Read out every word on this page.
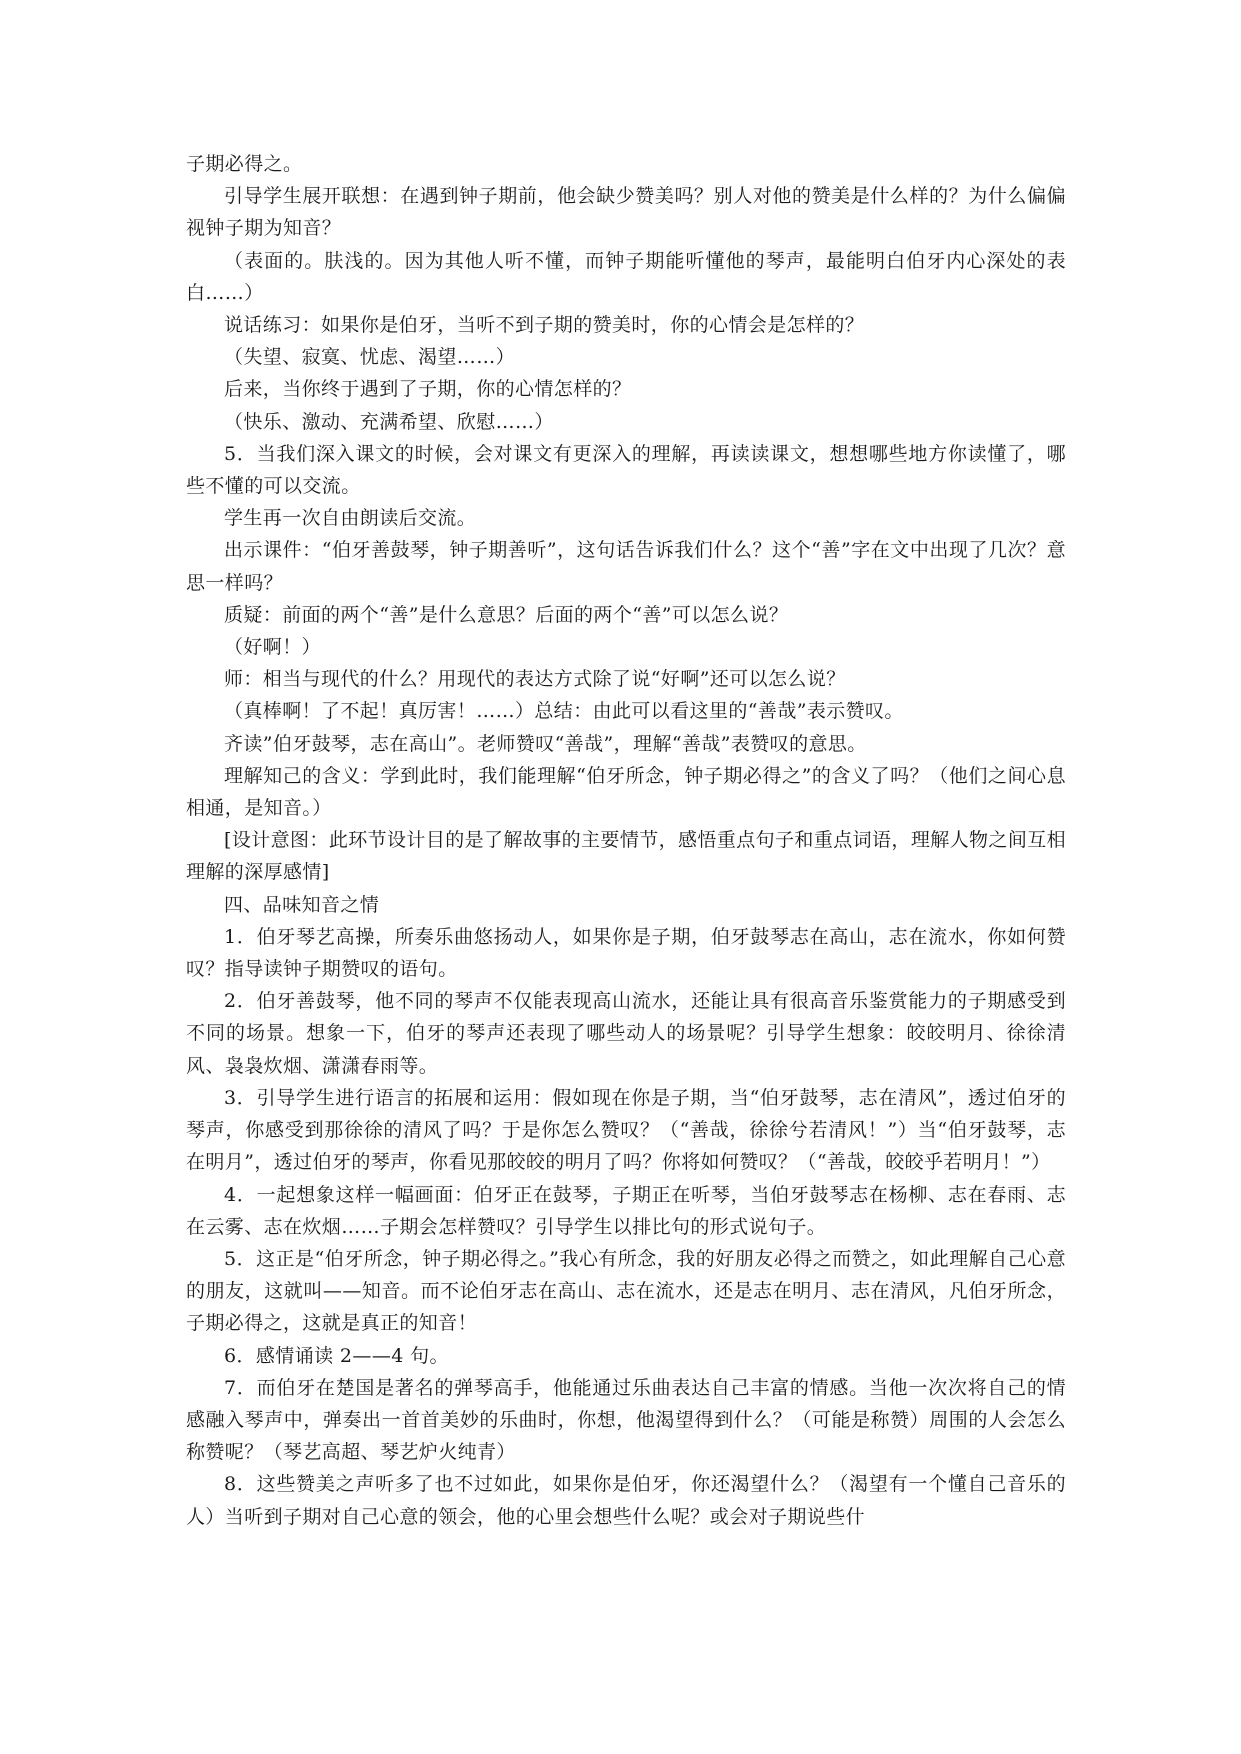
子期必得之。

引导学生展开联想：在遇到钟子期前，他会缺少赞美吗？别人对他的赞美是什么样的？为什么偏偏视钟子期为知音？

（表面的。肤浅的。因为其他人听不懂，而钟子期能听懂他的琴声，最能明白伯牙内心深处的表白……）

说话练习：如果你是伯牙，当听不到子期的赞美时，你的心情会是怎样的？

（失望、寂寞、忧虑、渴望……）

后来，当你终于遇到了子期，你的心情怎样的？

（快乐、激动、充满希望、欣慰……）

5．当我们深入课文的时候，会对课文有更深入的理解，再读读课文，想想哪些地方你读懂了，哪些不懂的可以交流。

学生再一次自由朗读后交流。

出示课件：“伯牙善鼓琴，钟子期善听”，这句话告诉我们什么？这个“善”字在文中出现了几次？意思一样吗？

质疑：前面的两个“善”是什么意思？后面的两个“善”可以怎么说？

（好啊！）

师：相当与现代的什么？用现代的表达方式除了说“好啊”还可以怎么说？

（真棒啊！了不起！真厉害！……）总结：由此可以看这里的“善哉”表示赞叹。

齐读”伯牙鼓琴，志在高山”。老师赞叹“善哉”，理解“善哉”表赞叹的意思。

理解知己的含义：学到此时，我们能理解“伯牙所念，钟子期必得之”的含义了吗？（他们之间心息相通，是知音。）

[设计意图：此环节设计目的是了解故事的主要情节，感悟重点句子和重点词语，理解人物之间互相理解的深厚感情]

四、品味知音之情

1．伯牙琴艺高操，所奏乐曲悠扬动人，如果你是子期，伯牙鼓琴志在高山，志在流水，你如何赞叹？指导读钟子期赞叹的语句。

2．伯牙善鼓琴，他不同的琴声不仅能表现高山流水，还能让具有很高音乐鉴赏能力的子期感受到不同的场景。想象一下，伯牙的琴声还表现了哪些动人的场景呢？引导学生想象：皎皎明月、徐徐清风、袅袅炊烟、潇潇春雨等。

3．引导学生进行语言的拓展和运用：假如现在你是子期，当“伯牙鼓琴，志在清风”，透过伯牙的琴声，你感受到那徐徐的清风了吗？于是你怎么赞叹？（“善哉，徐徐兮若清风！”）当“伯牙鼓琴，志在明月”，透过伯牙的琴声，你看见那皎皎的明月了吗？你将如何赞叹？（“善哉，皎皎乎若明月！”）

4．一起想象这样一幅画面：伯牙正在鼓琴，子期正在听琴，当伯牙鼓琴志在杨柳、志在春雨、志在云雾、志在炊烟……子期会怎样赞叹？引导学生以排比句的形式说句子。

5．这正是“伯牙所念，钟子期必得之。”我心有所念，我的好朋友必得之而赞之，如此理解自己心意的朋友，这就叫——知音。而不论伯牙志在高山、志在流水，还是志在明月、志在清风，凡伯牙所念，子期必得之，这就是真正的知音！

6．感情诵读 2——4 句。

7．而伯牙在楚国是著名的弹琴高手，他能通过乐曲表达自己丰富的情感。当他一次次将自己的情感融入琴声中，弹奏出一首首美妙的乐曲时，你想，他渴望得到什么？（可能是称赞）周围的人会怎么称赞呢？（琴艺高超、琴艺炉火纯青）

8．这些赞美之声听多了也不过如此，如果你是伯牙，你还渴望什么？（渴望有一个懂自己音乐的人）当听到子期对自己心意的领会，他的心里会想些什么呢？或会对子期说些什
